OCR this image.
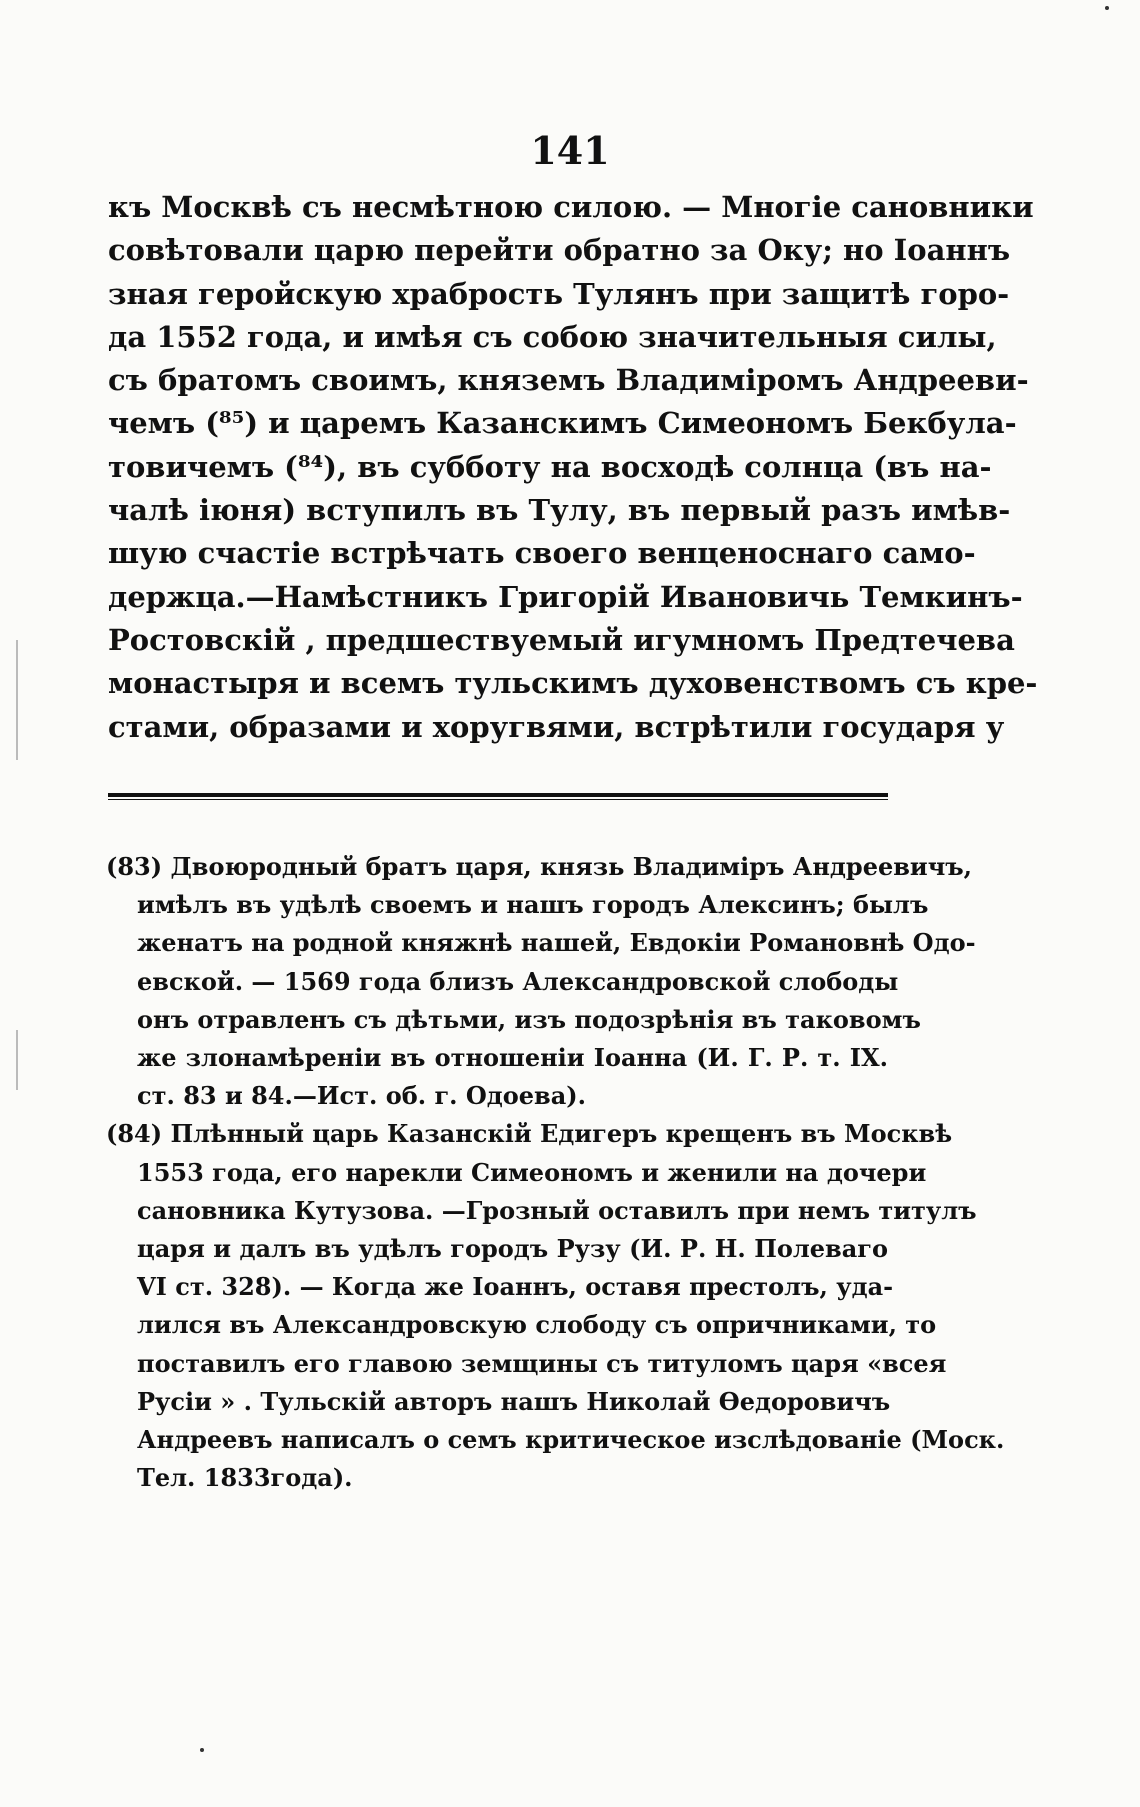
141
къ Москвѣ съ несмѣтною силою. — Многіе сановники
совѣтовали царю перейти обратно за Оку; но Іоаннъ
зная геройскую храбрость Тулянъ при защитѣ горо-
да 1552 года, и имѣя съ собою значительныя силы,
съ братомъ своимъ, княземъ Владиміромъ Андрееви-
чемъ (⁸⁵) и царемъ Казанскимъ Симеономъ Бекбула-
товичемъ (⁸⁴), въ субботу на восходѣ солнца (въ на-
чалѣ іюня) вступилъ въ Тулу, въ первый разъ имѣв-
шую счастіе встрѣчать своего венценоснаго само-
держца.—Намѣстникъ Григорій Ивановичь Темкинъ-
Ростовскій , предшествуемый игумномъ Предтечева
монастыря и всемъ тульскимъ духовенствомъ съ кре-
стами, образами и хоругвями, встрѣтили государя у
(83) Двоюродный братъ царя, князь Владиміръ Андреевичъ,
имѣлъ въ удѣлѣ своемъ и нашъ городъ Алексинъ; былъ
женатъ на родной княжнѣ нашей, Евдокіи Романовнѣ Одо-
евской. — 1569 года близъ Александровской слободы
онъ отравленъ съ дѣтьми, изъ подозрѣнія въ таковомъ
же злонамѣреніи въ отношеніи Іоанна (И. Г. Р. т. IX.
ст. 83 и 84.—Ист. об. г. Одоева).
(84) Плѣнный царь Казанскій Едигеръ крещенъ въ Москвѣ
1553 года, его нарекли Симеономъ и женили на дочери
сановника Кутузова. —Грозный оставилъ при немъ титулъ
царя и далъ въ удѣлъ городъ Рузу (И. Р. Н. Полеваго
VI ст. 328). — Когда же Іоаннъ, оставя престолъ, уда-
лился въ Александровскую слободу съ опричниками, то
поставилъ его главою земщины съ титуломъ царя «всея
Русіи » . Тульскій авторъ нашъ Николай Өедоровичъ
Андреевъ написалъ о семъ критическое изслѣдованіе (Моск.
Тел. 1833года).
